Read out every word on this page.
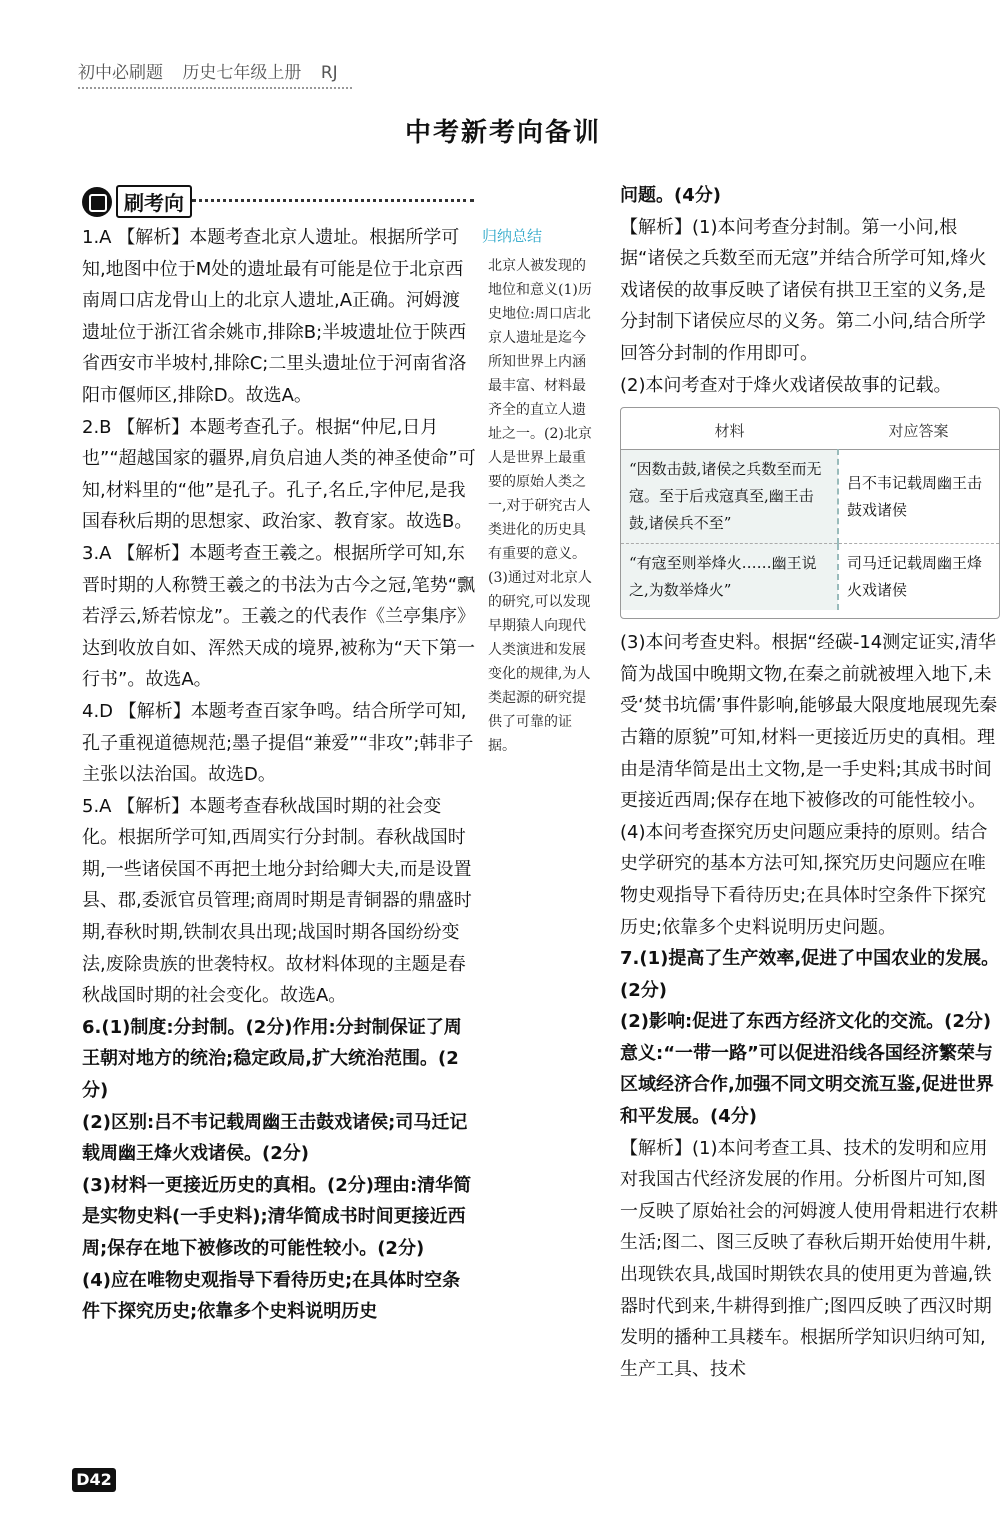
初中必刷题 历史七年级上册 RJ
中考新考向备训
刷考向

1.A 【解析】本题考查北京人遗址。根据所学可知,地图中位于M处的遗址最有可能是位于北京西南周口店龙骨山上的北京人遗址,A正确。河姆渡遗址位于浙江省余姚市,排除B;半坡遗址位于陕西省西安市半坡村,排除C;二里头遗址位于河南省洛阳市偃师区,排除D。故选A。

2.B 【解析】本题考查孔子。根据“仲尼,日月也”“超越国家的疆界,肩负启迪人类的神圣使命”可知,材料里的“他”是孔子。孔子,名丘,字仲尼,是我国春秋后期的思想家、政治家、教育家。故选B。

3.A 【解析】本题考查王羲之。根据所学可知,东晋时期的人称赞王羲之的书法为古今之冠,笔势“飘若浮云,矫若惊龙”。王羲之的代表作《兰亭集序》达到收放自如、浑然天成的境界,被称为“天下第一行书”。故选A。

4.D 【解析】本题考查百家争鸣。结合所学可知,孔子重视道德规范;墨子提倡“兼爱”“非攻”;韩非子主张以法治国。故选D。

5.A 【解析】本题考查春秋战国时期的社会变化。根据所学可知,西周实行分封制。春秋战国时期,一些诸侯国不再把土地分封给卿大夫,而是设置县、郡,委派官员管理;商周时期是青铜器的鼎盛时期,春秋时期,铁制农具出现;战国时期各国纷纷变法,废除贵族的世袭特权。故材料体现的主题是春秋战国时期的社会变化。故选A。

6.(1)制度:分封制。(2分)作用:分封制保证了周王朝对地方的统治;稳定政局,扩大统治范围。(2分)

(2)区别:吕不韦记载周幽王击鼓戏诸侯;司马迁记载周幽王烽火戏诸侯。(2分)

(3)材料一更接近历史的真相。(2分)理由:清华简是实物史料(一手史料);清华简成书时间更接近西周;保存在地下被修改的可能性较小。(2分)

(4)应在唯物史观指导下看待历史;在具体时空条件下探究历史;依靠多个史料说明历史

归纳总结
北京人被发现的地位和意义(1)历史地位:周口店北京人遗址是迄今所知世界上内涵最丰富、材料最齐全的直立人遗址之一。(2)北京人是世界上最重要的原始人类之一,对于研究古人类进化的历史具有重要的意义。(3)通过对北京人的研究,可以发现早期猿人向现代人类演进和发展变化的规律,为人类起源的研究提供了可靠的证据。

问题。(4分)

【解析】(1)本问考查分封制。第一小问,根据“诸侯之兵数至而无寇”并结合所学可知,烽火戏诸侯的故事反映了诸侯有拱卫王室的义务,是分封制下诸侯应尽的义务。第二小问,结合所学回答分封制的作用即可。

(2)本问考查对于烽火戏诸侯故事的记载。

材料	对应答案
“因数击鼓,诸侯之兵数至而无寇。至于后戎寇真至,幽王击鼓,诸侯兵不至”	吕不韦记载周幽王击鼓戏诸侯
“有寇至则举烽火……幽王说之,为数举烽火”	司马迁记载周幽王烽火戏诸侯

(3)本问考查史料。根据“经碳-14测定证实,清华简为战国中晚期文物,在秦之前就被埋入地下,未受‘焚书坑儒’事件影响,能够最大限度地展现先秦古籍的原貌”可知,材料一更接近历史的真相。理由是清华简是出土文物,是一手史料;其成书时间更接近西周;保存在地下被修改的可能性较小。

(4)本问考查探究历史问题应秉持的原则。结合史学研究的基本方法可知,探究历史问题应在唯物史观指导下看待历史;在具体时空条件下探究历史;依靠多个史料说明历史问题。

7.(1)提高了生产效率,促进了中国农业的发展。(2分)

(2)影响:促进了东西方经济文化的交流。(2分)意义:“一带一路”可以促进沿线各国经济繁荣与区域经济合作,加强不同文明交流互鉴,促进世界和平发展。(4分)

【解析】(1)本问考查工具、技术的发明和应用对我国古代经济发展的作用。分析图片可知,图一反映了原始社会的河姆渡人使用骨耜进行农耕生活;图二、图三反映了春秋后期开始使用牛耕,出现铁农具,战国时期铁农具的使用更为普遍,铁器时代到来,牛耕得到推广;图四反映了西汉时期发明的播种工具耧车。根据所学知识归纳可知,生产工具、技术

D42
